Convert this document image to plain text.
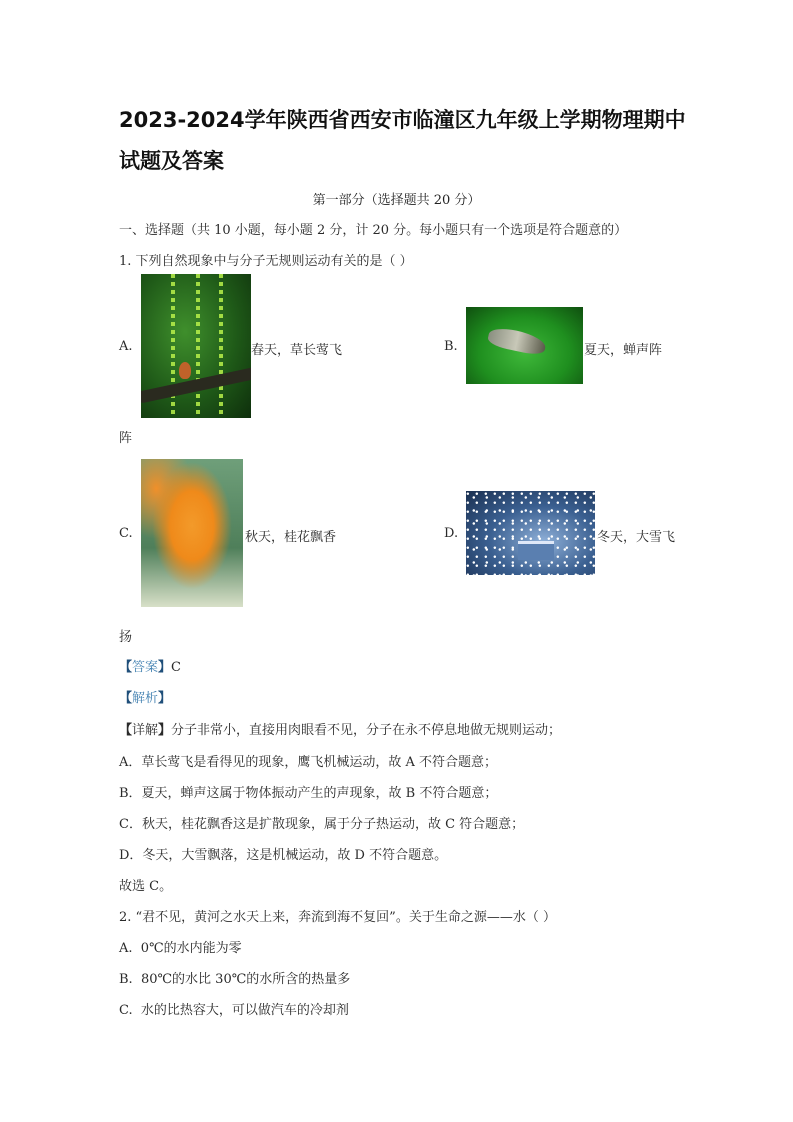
2023-2024学年陕西省西安市临潼区九年级上学期物理期中
试题及答案
第一部分（选择题共 20 分）
一、选择题（共 10 小题，每小题 2 分，计 20 分。每小题只有一个选项是符合题意的）
1. 下列自然现象中与分子无规则运动有关的是（ ）
A.	春天，草长莺飞	B.	夏天，蝉声阵
阵
C.	秋天，桂花飘香	D.	冬天，大雪飞
扬
【答案】C
【解析】
【详解】分子非常小，直接用肉眼看不见，分子在永不停息地做无规则运动；
A．草长莺飞是看得见的现象，鹰飞机械运动，故 A 不符合题意；
B．夏天，蝉声这属于物体振动产生的声现象，故 B 不符合题意；
C．秋天，桂花飘香这是扩散现象，属于分子热运动，故 C 符合题意；
D．冬天，大雪飘落，这是机械运动，故 D 不符合题意。
故选 C。
2. “君不见，黄河之水天上来，奔流到海不复回”。关于生命之源——水（ ）
A. 0℃的水内能为零
B. 80℃的水比 30℃的水所含的热量多
C. 水的比热容大，可以做汽车的冷却剂
